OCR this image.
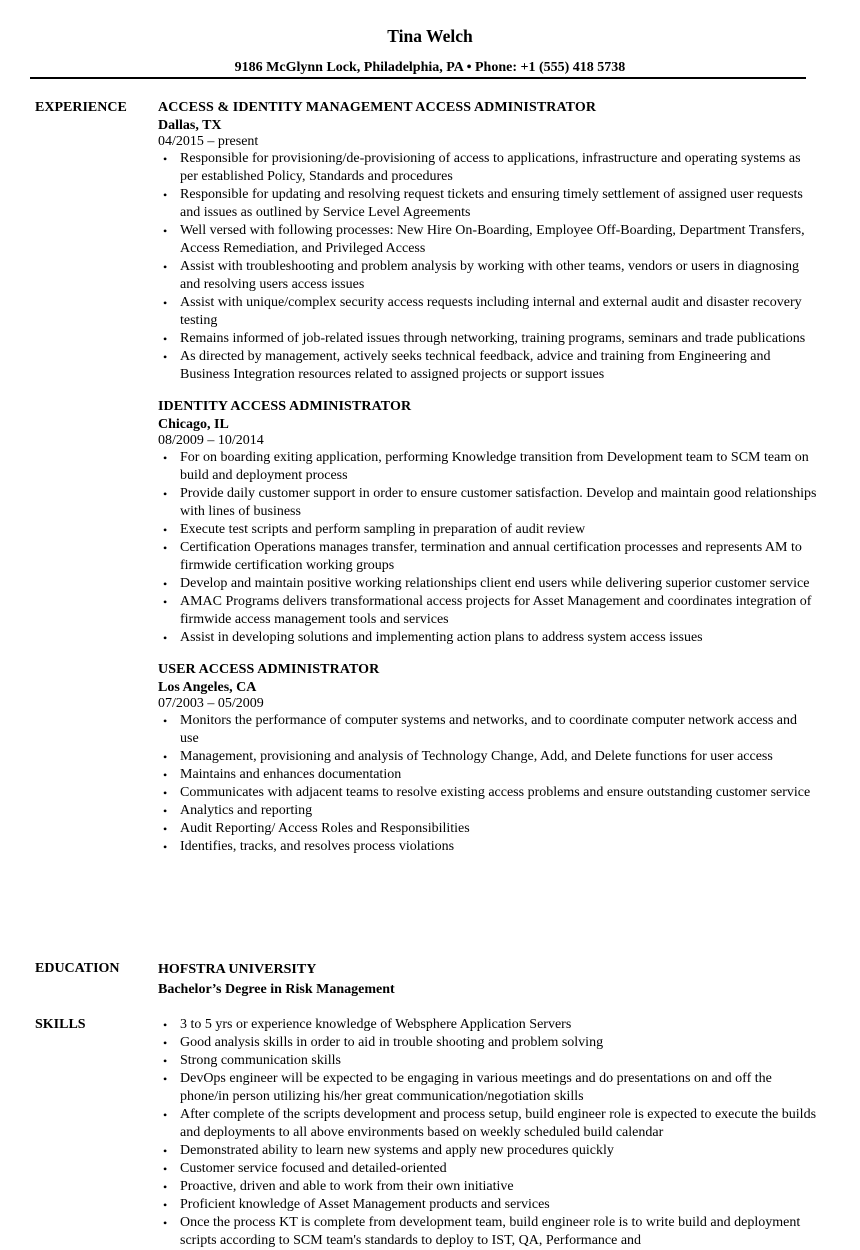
Tina Welch
9186 McGlynn Lock, Philadelphia, PA • Phone: +1 (555) 418 5738
EXPERIENCE	ACCESS & IDENTITY MANAGEMENT ACCESS ADMINISTRATOR
Dallas, TX
04/2015 – present
• Responsible for provisioning/de-provisioning of access to applications, infrastructure and operating systems as per established Policy, Standards and procedures
• Responsible for updating and resolving request tickets and ensuring timely settlement of assigned user requests and issues as outlined by Service Level Agreements
• Well versed with following processes: New Hire On-Boarding, Employee Off-Boarding, Department Transfers, Access Remediation, and Privileged Access
• Assist with troubleshooting and problem analysis by working with other teams, vendors or users in diagnosing and resolving users access issues
• Assist with unique/complex security access requests including internal and external audit and disaster recovery testing
• Remains informed of job-related issues through networking, training programs, seminars and trade publications
• As directed by management, actively seeks technical feedback, advice and training from Engineering and Business Integration resources related to assigned projects or support issues
IDENTITY ACCESS ADMINISTRATOR
Chicago, IL
08/2009 – 10/2014
• For on boarding exiting application, performing Knowledge transition from Development team to SCM team on build and deployment process
• Provide daily customer support in order to ensure customer satisfaction. Develop and maintain good relationships with lines of business
• Execute test scripts and perform sampling in preparation of audit review
• Certification Operations manages transfer, termination and annual certification processes and represents AM to firmwide certification working groups
• Develop and maintain positive working relationships client end users while delivering superior customer service
• AMAC Programs delivers transformational access projects for Asset Management and coordinates integration of firmwide access management tools and services
• Assist in developing solutions and implementing action plans to address system access issues
USER ACCESS ADMINISTRATOR
Los Angeles, CA
07/2003 – 05/2009
• Monitors the performance of computer systems and networks, and to coordinate computer network access and use
• Management, provisioning and analysis of Technology Change, Add, and Delete functions for user access
• Maintains and enhances documentation
• Communicates with adjacent teams to resolve existing access problems and ensure outstanding customer service
• Analytics and reporting
• Audit Reporting/ Access Roles and Responsibilities
• Identifies, tracks, and resolves process violations
EDUCATION	HOFSTRA UNIVERSITY
Bachelor’s Degree in Risk Management
SKILLS	• 3 to 5 yrs or experience knowledge of Websphere Application Servers
• Good analysis skills in order to aid in trouble shooting and problem solving
• Strong communication skills
• DevOps engineer will be expected to be engaging in various meetings and do presentations on and off the phone/in person utilizing his/her great communication/negotiation skills
• After complete of the scripts development and process setup, build engineer role is expected to execute the builds and deployments to all above environments based on weekly scheduled build calendar
• Demonstrated ability to learn new systems and apply new procedures quickly
• Customer service focused and detailed-oriented
• Proactive, driven and able to work from their own initiative
• Proficient knowledge of Asset Management products and services
• Once the process KT is complete from development team, build engineer role is to write build and deployment scripts according to SCM team's standards to deploy to IST, QA, Performance and
